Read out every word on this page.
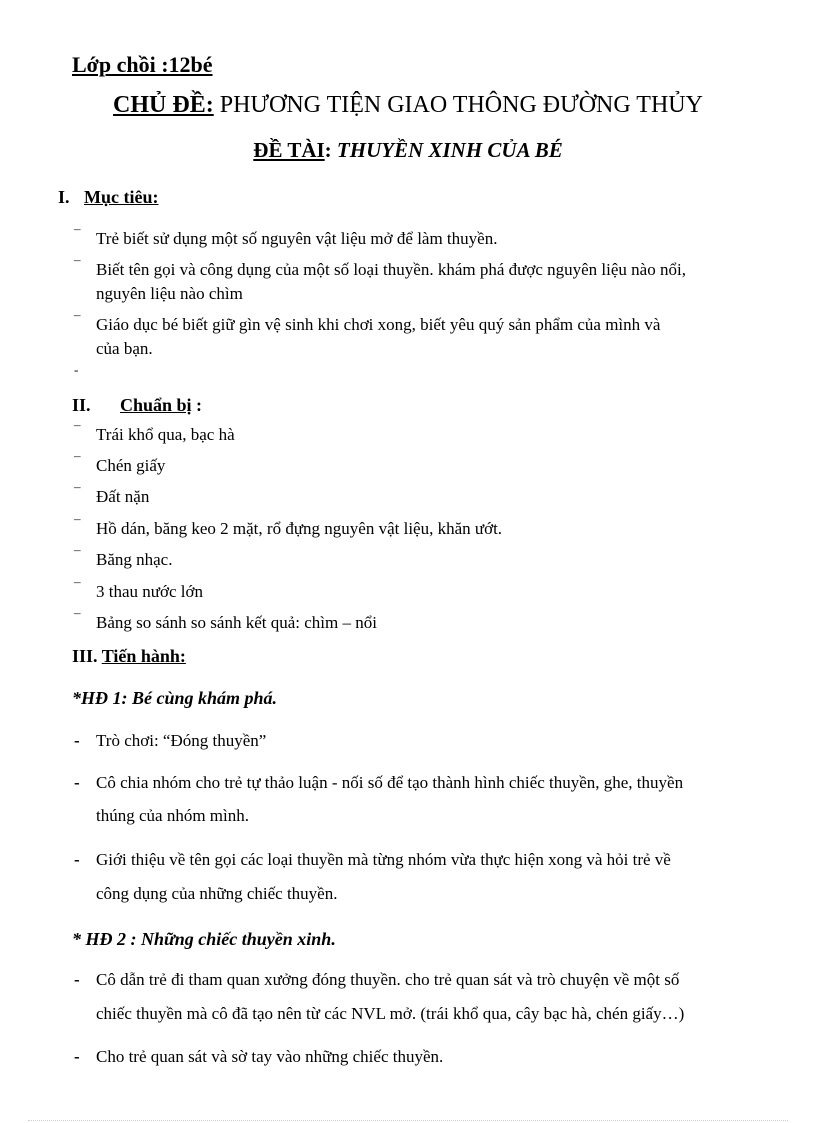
Lớp chồi :12bé
CHỦ ĐỀ: PHƯƠNG TIỆN GIAO THÔNG ĐƯỜNG THỦY
ĐỀ TÀI: THUYỀN XINH CỦA BÉ
I. Mục tiêu:
¯ Trẻ biết sử dụng một số nguyên vật liệu mở để làm thuyền.
¯ Biết tên gọi và công dụng của một số loại thuyền. khám phá được nguyên liệu nào nổi,
nguyên liệu nào chìm
¯ Giáo dục bé biết giữ gìn vệ sinh khi chơi xong, biết yêu quý sản phẩm của mình và
của bạn.
-
II. Chuẩn bị :
¯ Trái khổ qua, bạc hà
¯ Chén giấy
¯ Đất nặn
¯ Hồ dán, băng keo 2 mặt, rổ đựng nguyên vật liệu, khăn ướt.
¯ Băng nhạc.
¯ 3 thau nước lớn
¯ Bảng so sánh so sánh kết quả: chìm – nổi
III. Tiến hành:
*HĐ 1: Bé cùng khám phá.
- Trò chơi: “Đóng thuyền”
- Cô chia nhóm cho trẻ tự thảo luận - nối số để tạo thành hình chiếc thuyền, ghe, thuyền
thúng của nhóm mình.
- Giới thiệu về tên gọi các loại thuyền mà từng nhóm vừa thực hiện xong và hỏi trẻ về
công dụng của những chiếc thuyền.
* HĐ 2 : Những chiếc thuyền xinh.
- Cô dẫn trẻ đi tham quan xưởng đóng thuyền. cho trẻ quan sát và trò chuyện về một số
chiếc thuyền mà cô đã tạo nên từ các NVL mở. (trái khổ qua, cây bạc hà, chén giấy…)
- Cho trẻ quan sát và sờ tay vào những chiếc thuyền.
